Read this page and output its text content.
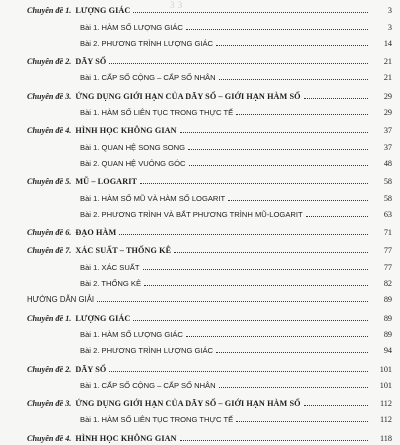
3 3
Chuyên đề 1. LƯỢNG GIÁC	3
Bài 1. HÀM SỐ LƯỢNG GIÁC	3
Bài 2. PHƯƠNG TRÌNH LƯỢNG GIÁC	14
Chuyên đề 2. DÃY SỐ	21
Bài 1. CẤP SỐ CỘNG – CẤP SỐ NHÂN	21
Chuyên đề 3. ỨNG DỤNG GIỚI HẠN CỦA DÃY SỐ – GIỚI HẠN HÀM SỐ	29
Bài 1. HÀM SỐ LIÊN TỤC TRONG THỰC TẾ	29
Chuyên đề 4. HÌNH HỌC KHÔNG GIAN	37
Bài 1. QUAN HỆ SONG SONG	37
Bài 2. QUAN HỆ VUÔNG GÓC	48
Chuyên đề 5. MŨ – LOGARIT	58
Bài 1. HÀM SỐ MŨ VÀ HÀM SỐ LOGARIT	58
Bài 2. PHƯƠNG TRÌNH VÀ BẤT PHƯƠNG TRÌNH MŨ-LOGARIT	63
Chuyên đề 6. ĐẠO HÀM	71
Chuyên đề 7. XÁC SUẤT – THỐNG KÊ	77
Bài 1. XÁC SUẤT	77
Bài 2. THỐNG KÊ	82
HƯỚNG DẪN GIẢI	89
Chuyên đề 1. LƯỢNG GIÁC	89
Bài 1. HÀM SỐ LƯỢNG GIÁC	89
Bài 2. PHƯƠNG TRÌNH LƯỢNG GIÁC	94
Chuyên đề 2. DÃY SỐ	101
Bài 1. CẤP SỐ CỘNG – CẤP SỐ NHÂN	101
Chuyên đề 3. ỨNG DỤNG GIỚI HẠN CỦA DÃY SỐ – GIỚI HẠN HÀM SỐ	112
Bài 1. HÀM SỐ LIÊN TỤC TRONG THỰC TẾ	112
Chuyên đề 4. HÌNH HỌC KHÔNG GIAN	118
